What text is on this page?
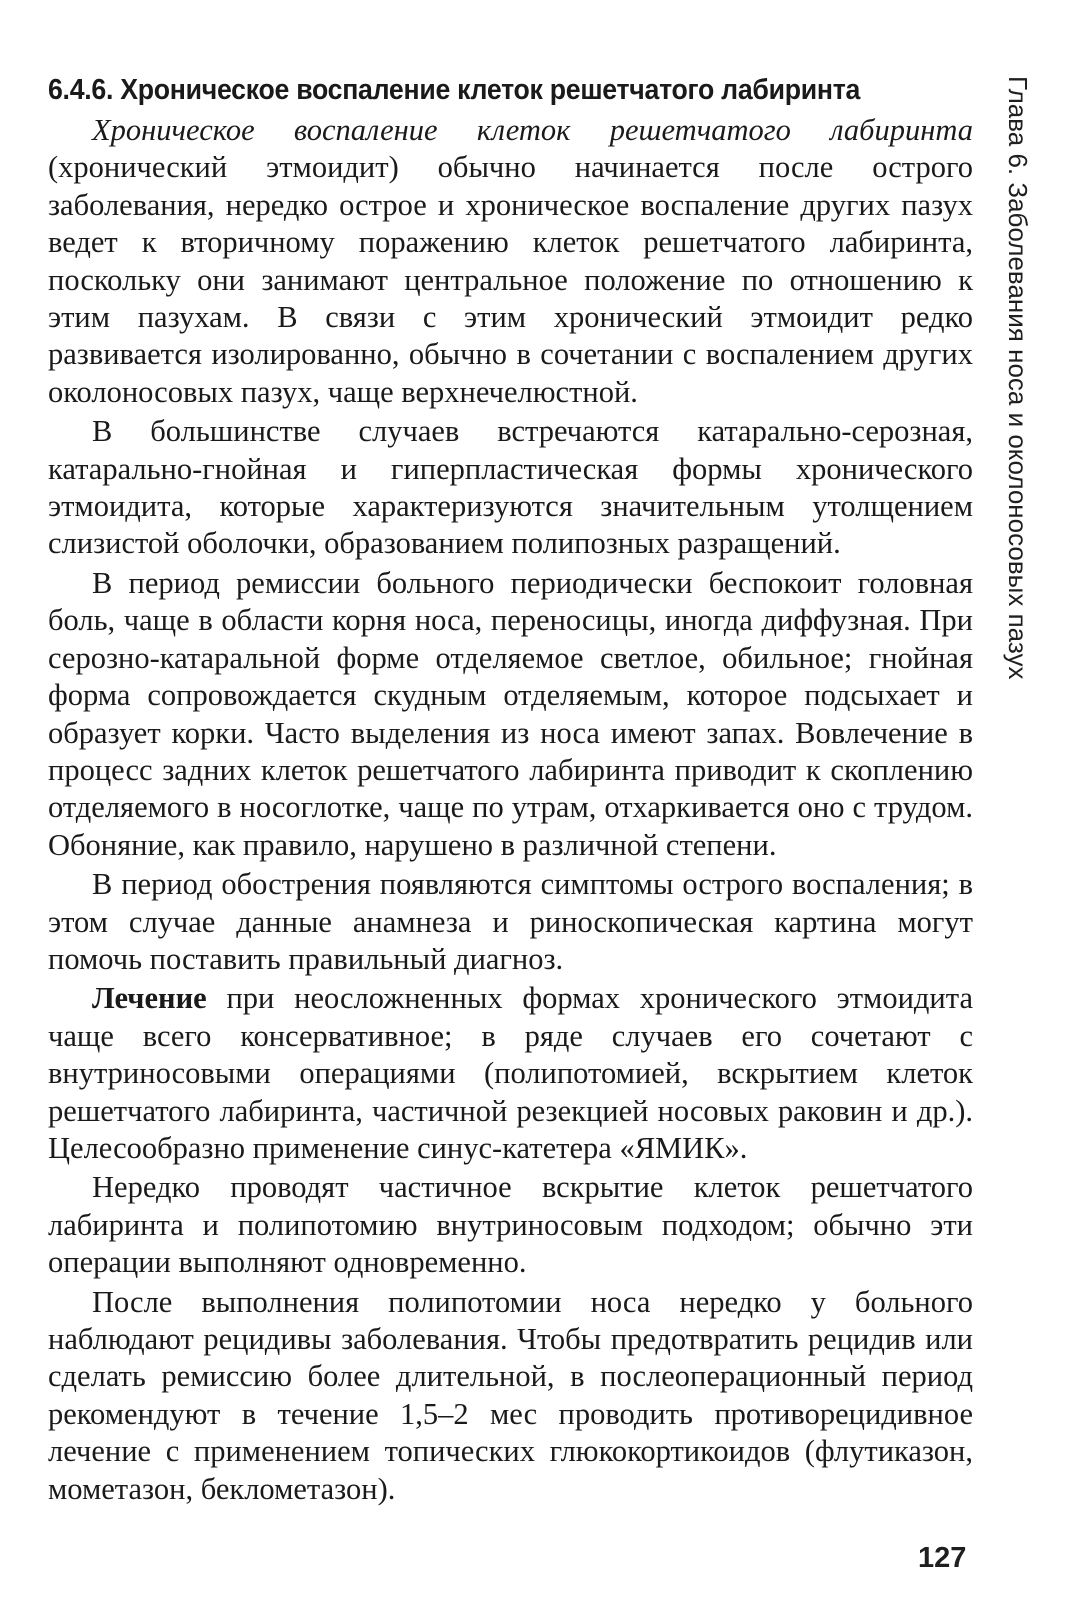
6.4.6. Хроническое воспаление клеток решетчатого лабиринта

Хроническое воспаление клеток решетчатого лабиринта (хронический этмоидит) обычно начинается после острого заболевания, нередко острое и хроническое воспаление других пазух ведет к вторичному поражению клеток решетчатого лабиринта, поскольку они занимают центральное положение по отношению к этим пазухам. В связи с этим хронический этмоидит редко развивается изолированно, обычно в сочетании с воспалением других околоносовых пазух, чаще верхнечелюстной.

В большинстве случаев встречаются катарально-серозная, катарально-гнойная и гиперпластическая формы хронического этмоидита, которые характеризуются значительным утолщением слизистой оболочки, образованием полипозных разращений.

В период ремиссии больного периодически беспокоит головная боль, чаще в области корня носа, переносицы, иногда диффузная. При серозно-катаральной форме отделяемое светлое, обильное; гнойная форма сопровождается скудным отделяемым, которое подсыхает и образует корки. Часто выделения из носа имеют запах. Вовлечение в процесс задних клеток решетчатого лабиринта приводит к скоплению отделяемого в носоглотке, чаще по утрам, отхаркивается оно с трудом. Обоняние, как правило, нарушено в различной степени.

В период обострения появляются симптомы острого воспаления; в этом случае данные анамнеза и риноскопическая картина могут помочь поставить правильный диагноз.

Лечение при неосложненных формах хронического этмоидита чаще всего консервативное; в ряде случаев его сочетают с внутриносовыми операциями (полипотомией, вскрытием клеток решетчатого лабиринта, частичной резекцией носовых раковин и др.). Целесообразно применение синус-катетера «ЯМИК».

Нередко проводят частичное вскрытие клеток решетчатого лабиринта и полипотомию внутриносовым подходом; обычно эти операции выполняют одновременно.

После выполнения полипотомии носа нередко у больного наблюдают рецидивы заболевания. Чтобы предотвратить рецидив или сделать ремиссию более длительной, в послеоперационный период рекомендуют в течение 1,5–2 мес проводить противорецидивное лечение с применением топических глюкокортикоидов (флутиказон, мометазон, беклометазон).

Глава 6. Заболевания носа и околоносовых пазух
127
